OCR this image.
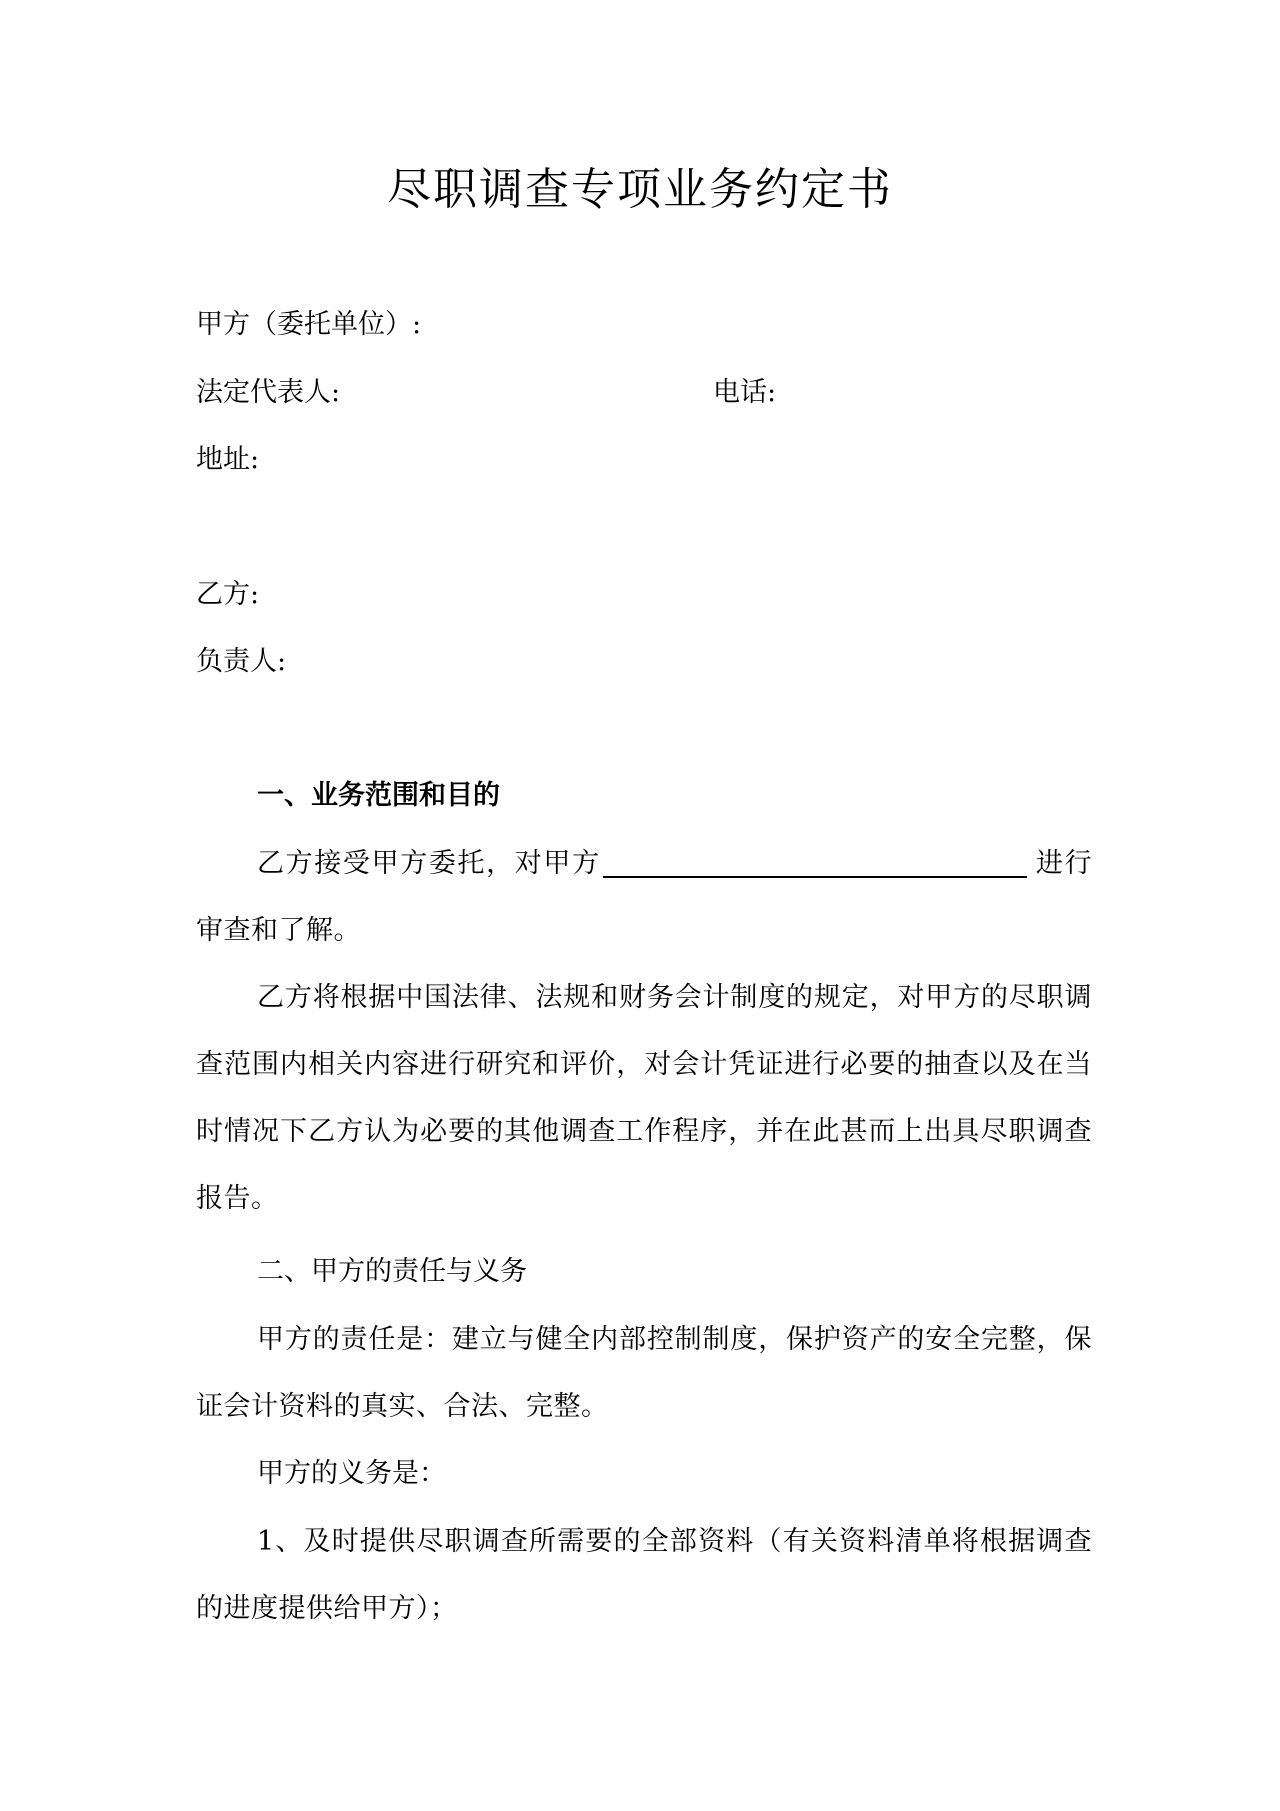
尽职调查专项业务约定书
甲方（委托单位）:
法定代表人:	电话:
地址:
乙方:
负责人:
一、业务范围和目的
乙方接受甲方委托，对甲方	进行审查和了解。
乙方将根据中国法律、法规和财务会计制度的规定，对甲方的尽职调查范围内相关内容进行研究和评价，对会计凭证进行必要的抽查以及在当时情况下乙方认为必要的其他调查工作程序，并在此甚而上出具尽职调查报告。
二、甲方的责任与义务
甲方的责任是：建立与健全内部控制制度，保护资产的安全完整，保证会计资料的真实、合法、完整。
甲方的义务是：
1、及时提供尽职调查所需要的全部资料（有关资料清单将根据调查的进度提供给甲方）；
